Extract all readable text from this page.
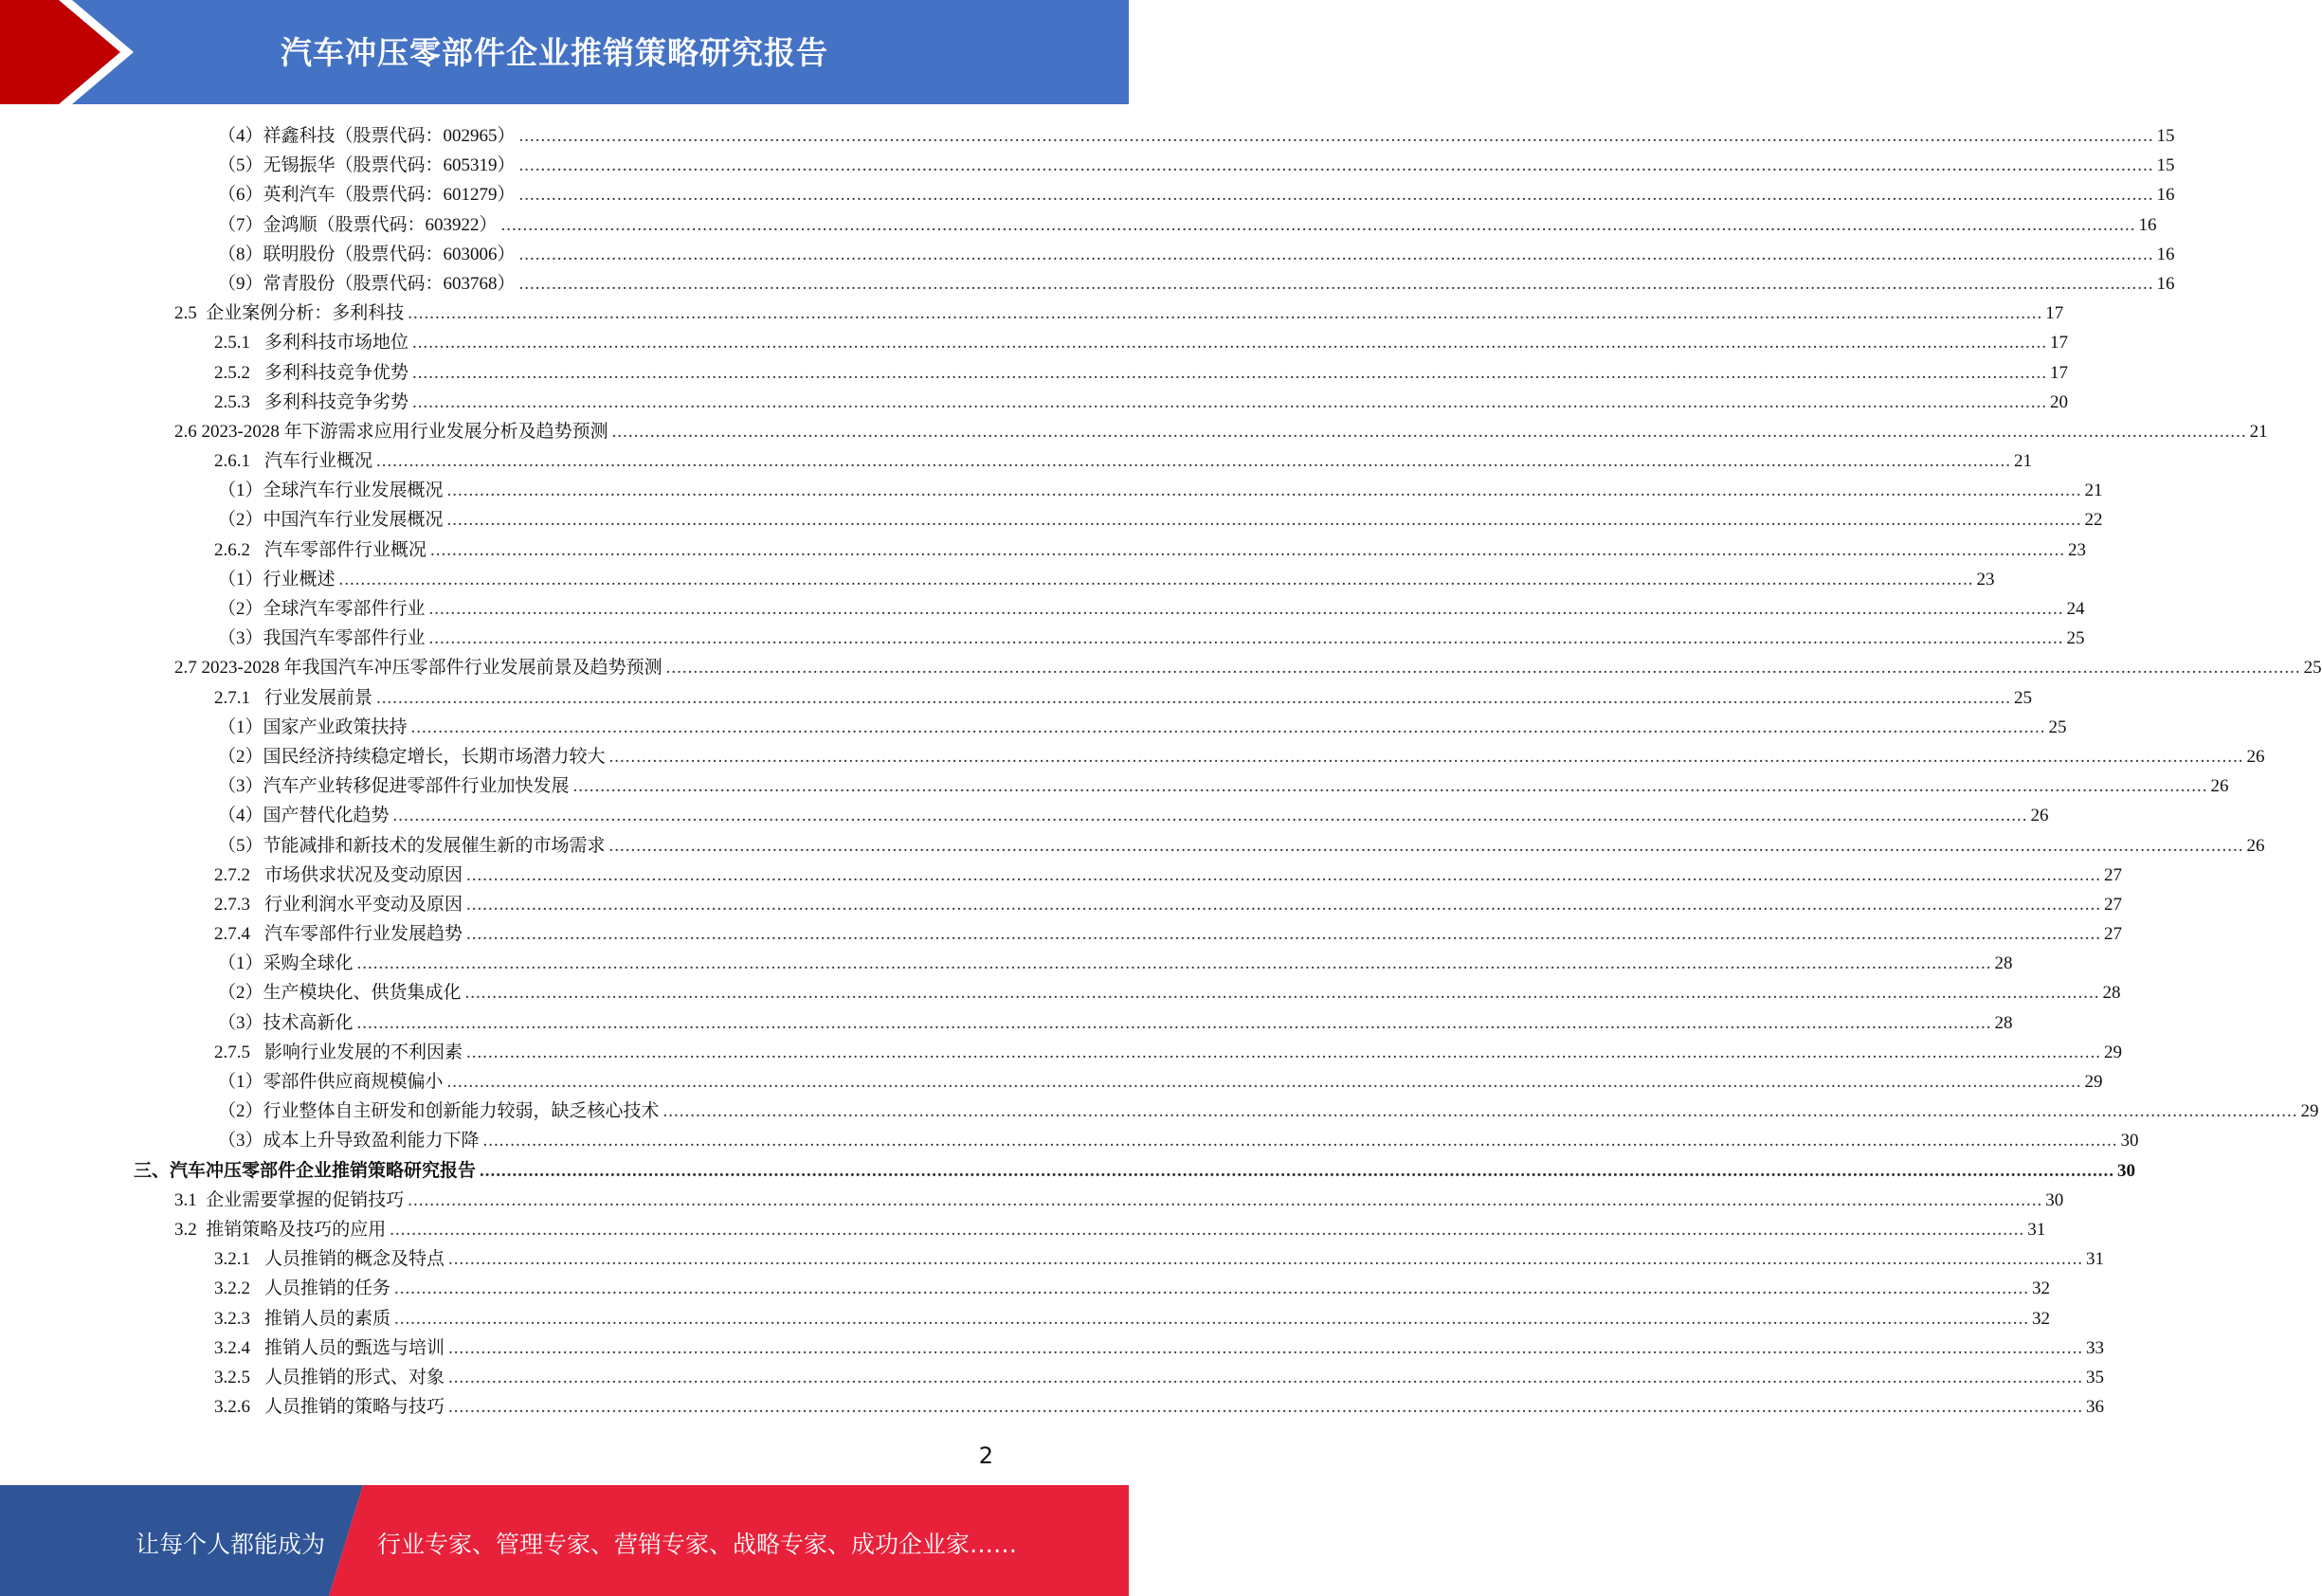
汽车冲压零部件企业推销策略研究报告
（4） 祥鑫科技（股票代码：002965） ............................................................................................................................................................................................................................................................................................................ 15
（5） 无锡振华（股票代码：605319） ............................................................................................................................................................................................................................................................................................................ 15
（6） 英利汽车（股票代码：601279） ............................................................................................................................................................................................................................................................................................................ 16
（7） 金鸿顺（股票代码：603922） ............................................................................................................................................................................................................................................................................................................ 16
（8） 联明股份（股票代码：603006） ............................................................................................................................................................................................................................................................................................................ 16
（9） 常青股份（股票代码：603768） ............................................................................................................................................................................................................................................................................................................ 16
2.5 企业案例分析：多利科技 ............................................................................................................................................................................................................................................................................................................ 17
2.5.1 多利科技市场地位 ............................................................................................................................................................................................................................................................................................................ 17
2.5.2 多利科技竞争优势 ............................................................................................................................................................................................................................................................................................................ 17
2.5.3 多利科技竞争劣势 ............................................................................................................................................................................................................................................................................................................ 20
2.6 2023-2028 年下游需求应用行业发展分析及趋势预测 ............................................................................................................................................................................................................................................................................................................ 21
2.6.1 汽车行业概况 ............................................................................................................................................................................................................................................................................................................ 21
（1） 全球汽车行业发展概况 ............................................................................................................................................................................................................................................................................................................ 21
（2） 中国汽车行业发展概况 ............................................................................................................................................................................................................................................................................................................ 22
2.6.2 汽车零部件行业概况 ............................................................................................................................................................................................................................................................................................................ 23
（1） 行业概述 ............................................................................................................................................................................................................................................................................................................ 23
（2） 全球汽车零部件行业 ............................................................................................................................................................................................................................................................................................................ 24
（3） 我国汽车零部件行业 ............................................................................................................................................................................................................................................................................................................ 25
2.7 2023-2028 年我国汽车冲压零部件行业发展前景及趋势预测 ............................................................................................................................................................................................................................................................................................................ 25
2.7.1 行业发展前景 ............................................................................................................................................................................................................................................................................................................ 25
（1） 国家产业政策扶持 ............................................................................................................................................................................................................................................................................................................ 25
（2） 国民经济持续稳定增长，长期市场潜力较大 ............................................................................................................................................................................................................................................................................................................ 26
（3） 汽车产业转移促进零部件行业加快发展 ............................................................................................................................................................................................................................................................................................................ 26
（4） 国产替代化趋势 ............................................................................................................................................................................................................................................................................................................ 26
（5） 节能减排和新技术的发展催生新的市场需求 ............................................................................................................................................................................................................................................................................................................ 26
2.7.2 市场供求状况及变动原因 ............................................................................................................................................................................................................................................................................................................ 27
2.7.3 行业利润水平变动及原因 ............................................................................................................................................................................................................................................................................................................ 27
2.7.4 汽车零部件行业发展趋势 ............................................................................................................................................................................................................................................................................................................ 27
（1） 采购全球化 ............................................................................................................................................................................................................................................................................................................ 28
（2） 生产模块化、供货集成化 ............................................................................................................................................................................................................................................................................................................ 28
（3） 技术高新化 ............................................................................................................................................................................................................................................................................................................ 28
2.7.5 影响行业发展的不利因素 ............................................................................................................................................................................................................................................................................................................ 29
（1） 零部件供应商规模偏小 ............................................................................................................................................................................................................................................................................................................ 29
（2） 行业整体自主研发和创新能力较弱，缺乏核心技术 ............................................................................................................................................................................................................................................................................................................ 29
（3） 成本上升导致盈利能力下降 ............................................................................................................................................................................................................................................................................................................ 30
三、 汽车冲压零部件企业推销策略研究报告 ............................................................................................................................................................................................................................................................................................................ 30
3.1 企业需要掌握的促销技巧 ............................................................................................................................................................................................................................................................................................................ 30
3.2 推销策略及技巧的应用 ............................................................................................................................................................................................................................................................................................................ 31
3.2.1 人员推销的概念及特点 ............................................................................................................................................................................................................................................................................................................ 31
3.2.2 人员推销的任务 ............................................................................................................................................................................................................................................................................................................ 32
3.2.3 推销人员的素质 ............................................................................................................................................................................................................................................................................................................ 32
3.2.4 推销人员的甄选与培训 ............................................................................................................................................................................................................................................................................................................ 33
3.2.5 人员推销的形式、对象 ............................................................................................................................................................................................................................................................................................................ 35
3.2.6 人员推销的策略与技巧 ............................................................................................................................................................................................................................................................................................................ 36
2
让每个人都能成为 行业专家、管理专家、营销专家、战略专家、成功企业家……
